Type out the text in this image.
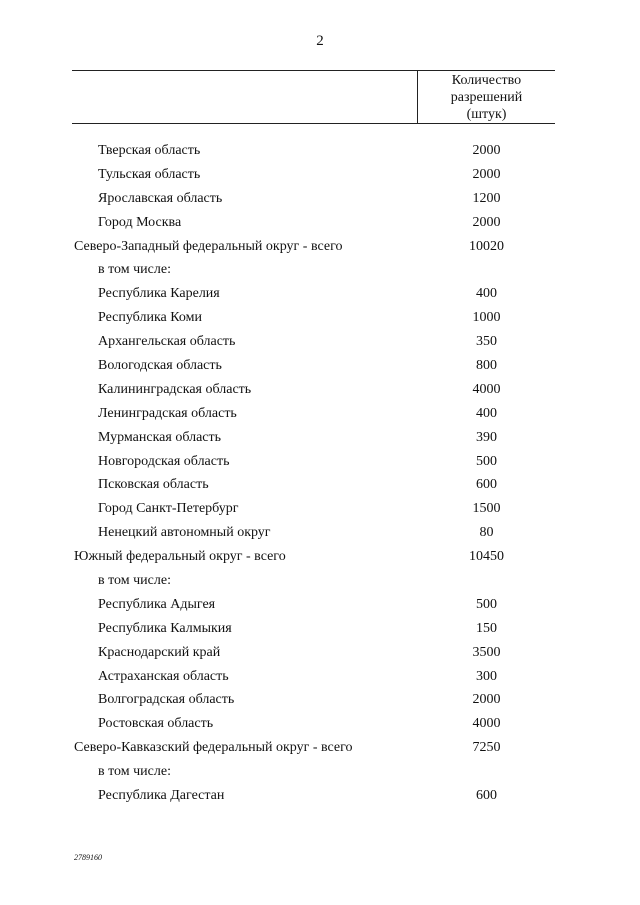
2
Количество
разрешений
(штук)
Тверская область	2000
Тульская область	2000
Ярославская область	1200
Город Москва	2000
Северо-Западный федеральный округ - всего	10020
в том числе:
Республика Карелия	400
Республика Коми	1000
Архангельская область	350
Вологодская область	800
Калининградская область	4000
Ленинградская область	400
Мурманская область	390
Новгородская область	500
Псковская область	600
Город Санкт-Петербург	1500
Ненецкий автономный округ	80
Южный федеральный округ - всего	10450
в том числе:
Республика Адыгея	500
Республика Калмыкия	150
Краснодарский край	3500
Астраханская область	300
Волгоградская область	2000
Ростовская область	4000
Северо-Кавказский федеральный округ - всего	7250
в том числе:
Республика Дагестан	600
2789160
